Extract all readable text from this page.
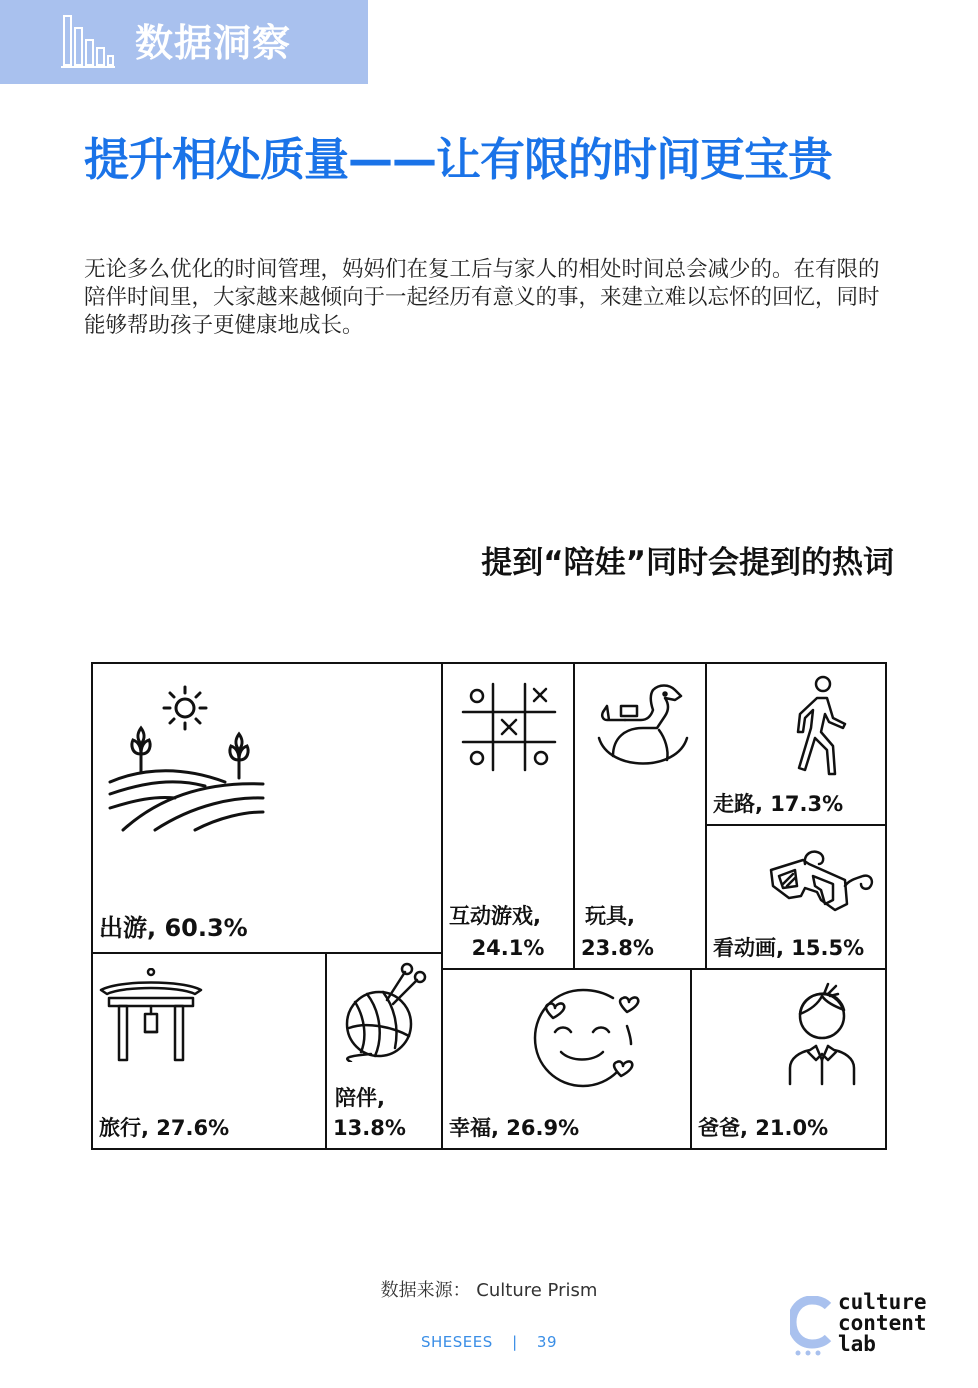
数据洞察
提升相处质量——让有限的时间更宝贵
无论多么优化的时间管理，妈妈们在复工后与家人的相处时间总会减少的。在有限的陪伴时间里，大家越来越倾向于一起经历有意义的事，来建立难以忘怀的回忆，同时能够帮助孩子更健康地成长。
提到“陪娃”同时会提到的热词
出游, 60.3%	互动游戏,
24.1%
玩具,
23.8%
走路, 17.3%
看动画, 15.5%
旅行, 27.6%
陪伴,
13.8% 幸福, 26.9%	爸爸, 21.0%
数据来源： Culture Prism
SHESEES | 39
culture
content
lab
